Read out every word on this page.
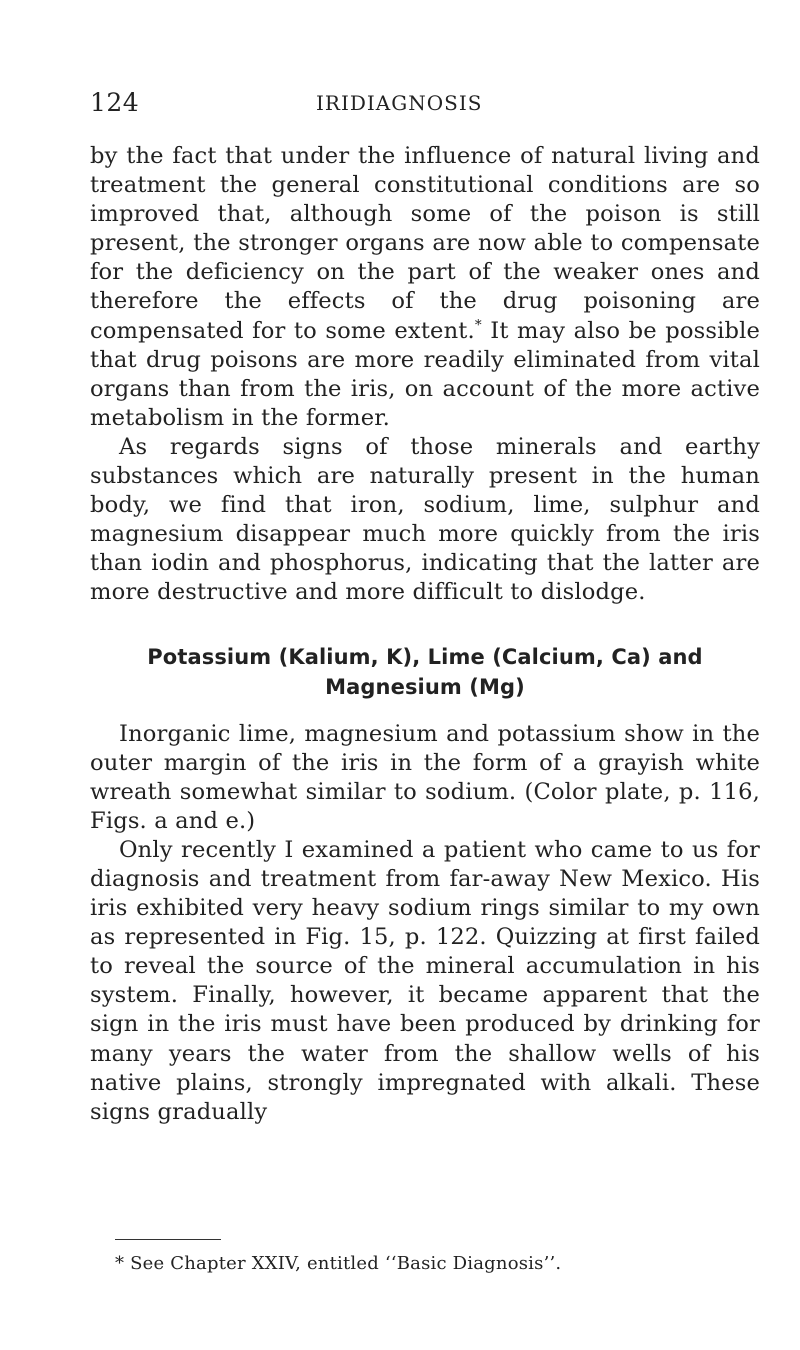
124	IRIDIAGNOSIS

by the fact that under the influence of natural living and treatment the general constitutional conditions are so improved that, although some of the poison is still present, the stronger organs are now able to compensate for the deficiency on the part of the weaker ones and therefore the effects of the drug poisoning are compensated for to some extent.* It may also be possible that drug poisons are more readily eliminated from vital organs than from the iris, on account of the more active metabolism in the former.

As regards signs of those minerals and earthy substances which are naturally present in the human body, we find that iron, sodium, lime, sulphur and magnesium disappear much more quickly from the iris than iodin and phosphorus, indicating that the latter are more destructive and more difficult to dislodge.

Potassium (Kalium, K), Lime (Calcium, Ca) and
Magnesium (Mg)

Inorganic lime, magnesium and potassium show in the outer margin of the iris in the form of a grayish white wreath somewhat similar to sodium. (Color plate, p. 116, Figs. a and e.)

Only recently I examined a patient who came to us for diagnosis and treatment from far-away New Mexico. His iris exhibited very heavy sodium rings similar to my own as represented in Fig. 15, p. 122. Quizzing at first failed to reveal the source of the mineral accumulation in his system. Finally, however, it became apparent that the sign in the iris must have been produced by drinking for many years the water from the shallow wells of his native plains, strongly impregnated with alkali. These signs gradually

* See Chapter XXIV, entitled ‘‘Basic Diagnosis’’.
